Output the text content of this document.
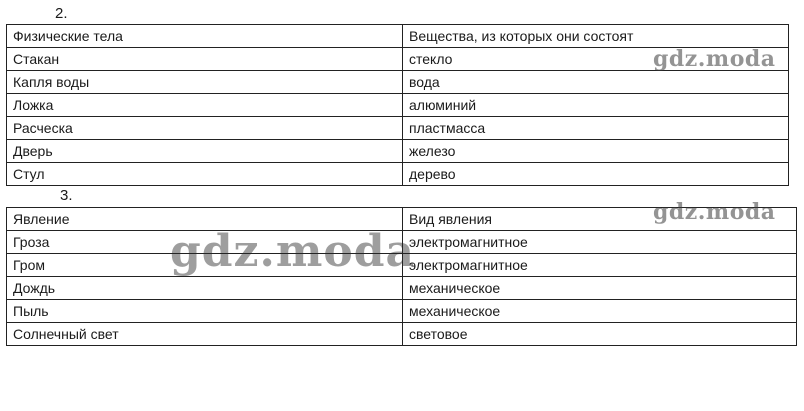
2.
Физические тела	Вещества, из которых они состоят
Стакан	стекло
Капля воды	вода
Ложка	алюминий
Расческа	пластмасса
Дверь	железо
Стул	дерево
3.
Явление	Вид явления
Гроза	электромагнитное
Гром	электромагнитное
Дождь	механическое
Пыль	механическое
Солнечный свет	световое
gdz.moda
gdz.moda
gdz.moda
